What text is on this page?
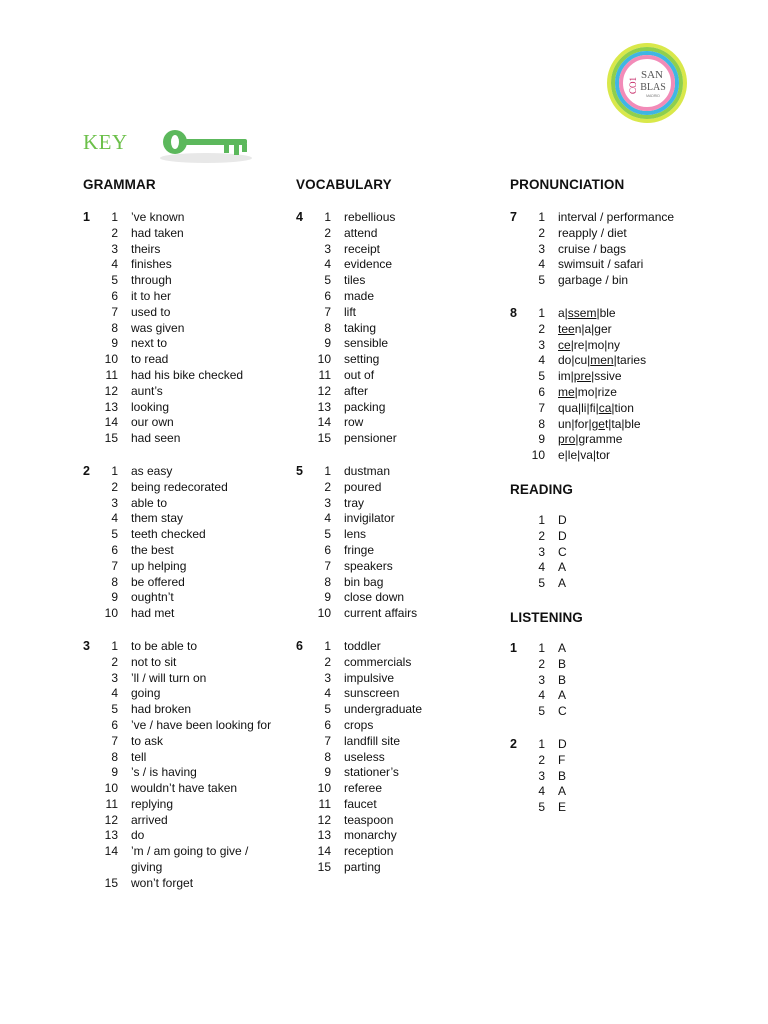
SAN
BLAS
MADRID
CO1
KEY
GRAMMAR
1	1	’ve known
2	had taken
3	theirs
4	finishes
5	through
6	it to her
7	used to
8	was given
9	next to
10	to read
11	had his bike checked
12	aunt’s
13	looking
14	our own
15	had seen
2	1	as easy
2	being redecorated
3	able to
4	them stay
5	teeth checked
6	the best
7	up helping
8	be offered
9	oughtn’t
10	had met
3	1	to be able to
2	not to sit
3	’ll / will turn on
4	going
5	had broken
6	’ve / have been looking for
7	to ask
8	tell
9	’s / is having
10	wouldn’t have taken
11	replying
12	arrived
13	do
14	’m / am going to give /
giving
15	won’t forget
VOCABULARY
4	1	rebellious
2	attend
3	receipt
4	evidence
5	tiles
6	made
7	lift
8	taking
9	sensible
10	setting
11	out of
12	after
13	packing
14	row
15	pensioner
5	1	dustman
2	poured
3	tray
4	invigilator
5	lens
6	fringe
7	speakers
8	bin bag
9	close down
10	current affairs
6	1	toddler
2	commercials
3	impulsive
4	sunscreen
5	undergraduate
6	crops
7	landfill site
8	useless
9	stationer’s
10	referee
11	faucet
12	teaspoon
13	monarchy
14	reception
15	parting
PRONUNCIATION
7	1	interval / performance
2	reapply / diet
3	cruise / bags
4	swimsuit / safari
5	garbage / bin
8	1	a|ssem|ble
2	teen|a|ger
3	ce|re|mo|ny
4	do|cu|men|taries
5	im|pre|ssive
6	me|mo|rize
7	qua|li|fi|ca|tion
8	un|for|get|ta|ble
9	pro|gramme
10	e|le|va|tor
READING
1	D
2	D
3	C
4	A
5	A
LISTENING
1	1	A
2	B
3	B
4	A
5	C
2	1	D
2	F
3	B
4	A
5	E
